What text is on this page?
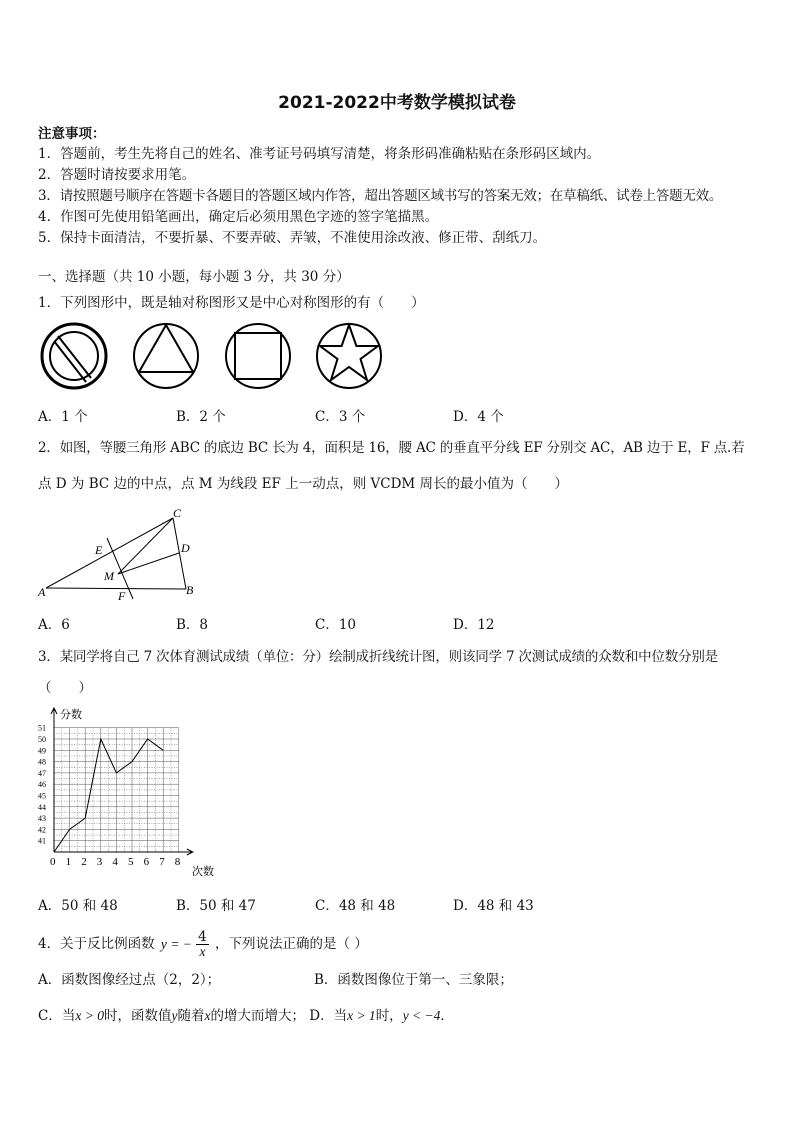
2021-2022中考数学模拟试卷
注意事项：
1．答题前，考生先将自己的姓名、准考证号码填写清楚，将条形码准确粘贴在条形码区域内。
2．答题时请按要求用笔。
3．请按照题号顺序在答题卡各题目的答题区域内作答，超出答题区域书写的答案无效；在草稿纸、试卷上答题无效。
4．作图可先使用铅笔画出，确定后必须用黑色字迹的签字笔描黑。
5．保持卡面清洁，不要折暴、不要弄破、弄皱，不准使用涂改液、修正带、刮纸刀。
一、选择题（共 10 小题，每小题 3 分，共 30 分）
1．下列图形中，既是轴对称图形又是中心对称图形的有（　　）
A．1 个	B．2 个	C．3 个	D．4 个
2．如图，等腰三角形 ABC 的底边 BC 长为 4，面积是 16，腰 AC 的垂直平分线 EF 分别交 AC，AB 边于 E，F 点.若
点 D 为 BC 边的中点，点 M 为线段 EF 上一动点，则 VCDM 周长的最小值为（　　）
C
D
E
M
A	B
F
A．6	B．8	C．10	D．12
3．某同学将自己 7 次体育测试成绩（单位：分）绘制成折线统计图，则该同学 7 次测试成绩的众数和中位数分别是
（　　）
0 1 2 3 4 5 6 7 8
41
42
43
44
45
46
47
48
49
50
51
分数
次数
A．50 和 48	B．50 和 47	C．48 和 48	D．48 和 43
4．关于反比例函数 y = − $\frac{4}{x}$ ，下列说法正确的是（ ）
A．函数图像经过点（2，2）；	B．函数图像位于第一、三象限；
C．当x > 0时，函数值y随着x的增大而增大； D．当x > 1时，y < −4．
